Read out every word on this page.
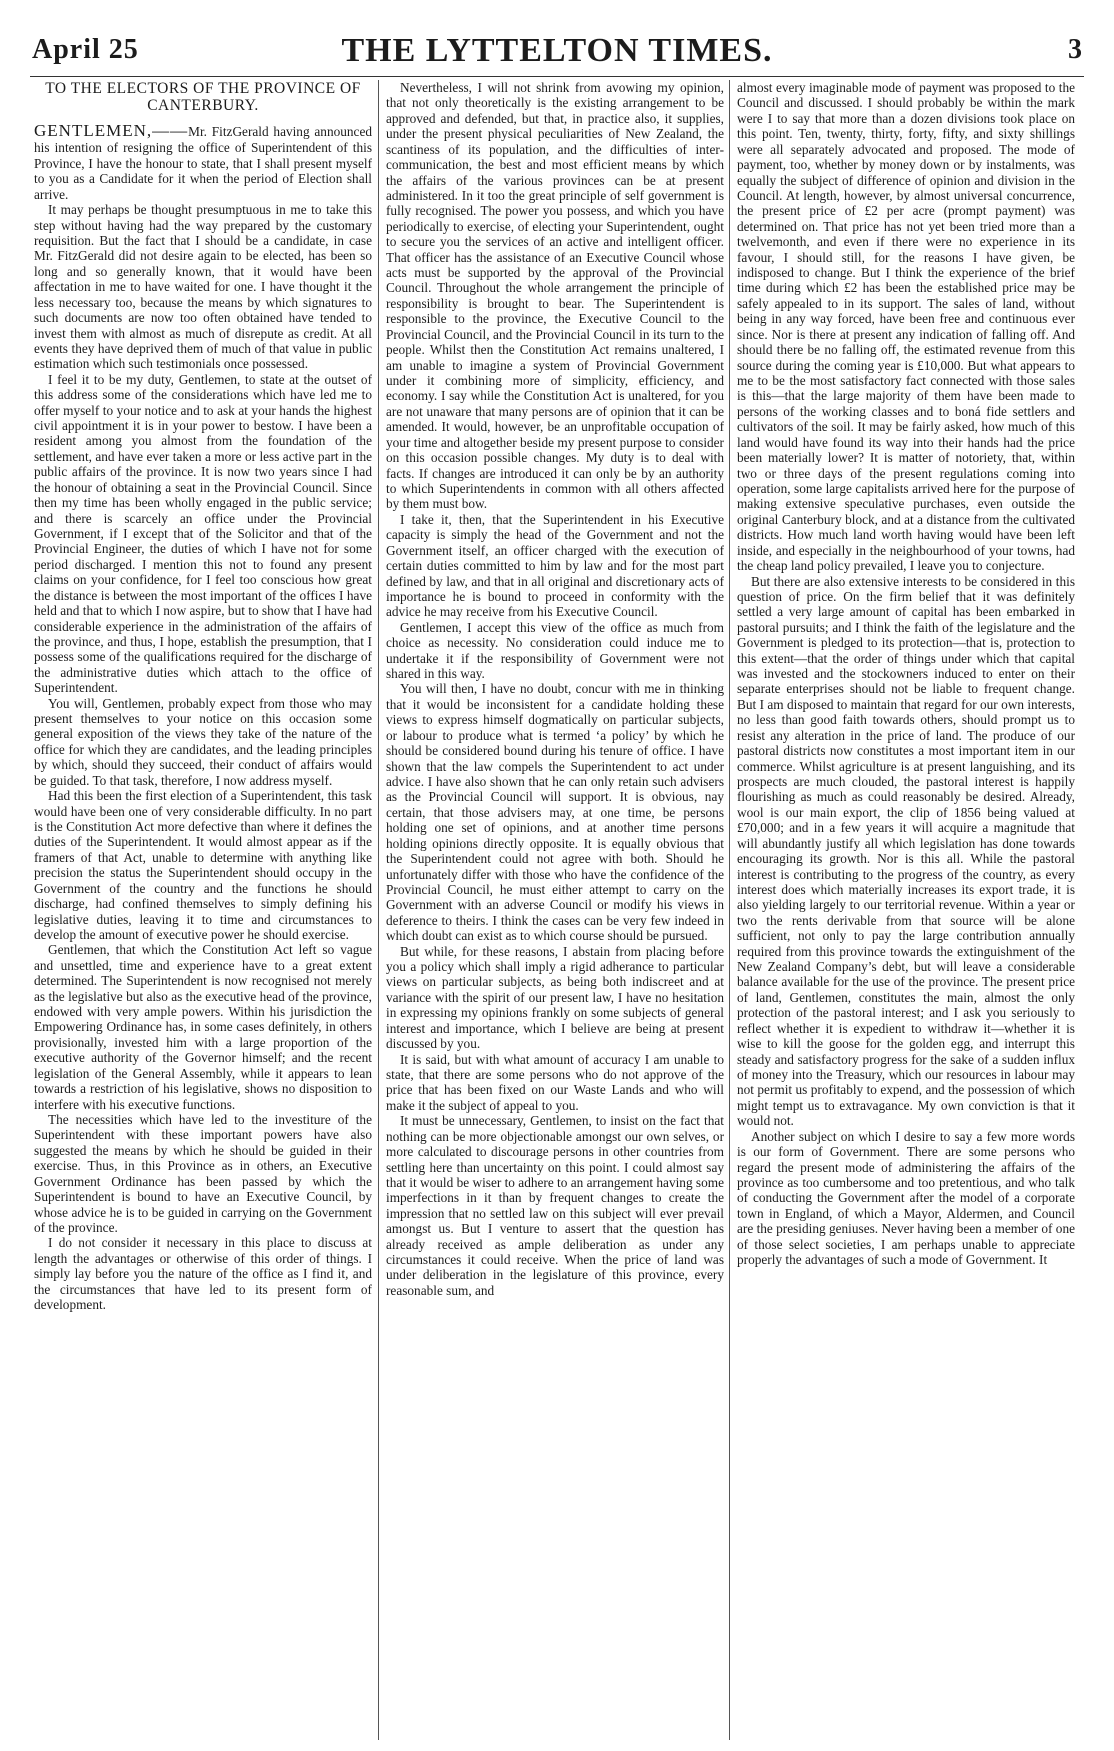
April 25	THE LYTTELTON TIMES.	3
TO THE ELECTORS OF THE PROVINCE OF CANTERBURY.

GENTLEMEN,——Mr. FitzGerald having announced his intention of resigning the office of Superintendent of this Province, I have the honour to state, that I shall present myself to you as a Candidate for it when the period of Election shall arrive.

It may perhaps be thought presumptuous in me to take this step without having had the way prepared by the customary requisition. But the fact that I should be a candidate, in case Mr. FitzGerald did not desire again to be elected, has been so long and so generally known, that it would have been affectation in me to have waited for one. I have thought it the less necessary too, because the means by which signatures to such documents are now too often obtained have tended to invest them with almost as much of disrepute as credit. At all events they have deprived them of much of that value in public estimation which such testimonials once possessed.

I feel it to be my duty, Gentlemen, to state at the outset of this address some of the considerations which have led me to offer myself to your notice and to ask at your hands the highest civil appointment it is in your power to bestow. I have been a resident among you almost from the foundation of the settlement, and have ever taken a more or less active part in the public affairs of the province. It is now two years since I had the honour of obtaining a seat in the Provincial Council. Since then my time has been wholly engaged in the public service; and there is scarcely an office under the Provincial Government, if I except that of the Solicitor and that of the Provincial Engineer, the duties of which I have not for some period discharged. I mention this not to found any present claims on your confidence, for I feel too conscious how great the distance is between the most important of the offices I have held and that to which I now aspire, but to show that I have had considerable experience in the administration of the affairs of the province, and thus, I hope, establish the presumption, that I possess some of the qualifications required for the discharge of the administrative duties which attach to the office of Superintendent.

You will, Gentlemen, probably expect from those who may present themselves to your notice on this occasion some general exposition of the views they take of the nature of the office for which they are candidates, and the leading principles by which, should they succeed, their conduct of affairs would be guided. To that task, therefore, I now address myself.

Had this been the first election of a Superintendent, this task would have been one of very considerable difficulty. In no part is the Constitution Act more defective than where it defines the duties of the Superintendent. It would almost appear as if the framers of that Act, unable to determine with anything like precision the status the Superintendent should occupy in the Government of the country and the functions he should discharge, had confined themselves to simply defining his legislative duties, leaving it to time and circumstances to develop the amount of executive power he should exercise.

Gentlemen, that which the Constitution Act left so vague and unsettled, time and experience have to a great extent determined. The Superintendent is now recognised not merely as the legislative but also as the executive head of the province, endowed with very ample powers. Within his jurisdiction the Empowering Ordinance has, in some cases definitely, in others provisionally, invested him with a large proportion of the executive authority of the Governor himself; and the recent legislation of the General Assembly, while it appears to lean towards a restriction of his legislative, shows no disposition to interfere with his executive functions.

The necessities which have led to the investiture of the Superintendent with these important powers have also suggested the means by which he should be guided in their exercise. Thus, in this Province as in others, an Executive Government Ordinance has been passed by which the Superintendent is bound to have an Executive Council, by whose advice he is to be guided in carrying on the Government of the province.

I do not consider it necessary in this place to discuss at length the advantages or otherwise of this order of things. I simply lay before you the nature of the office as I find it, and the circumstances that have led to its present form of development.

Nevertheless, I will not shrink from avowing my opinion, that not only theoretically is the existing arrangement to be approved and defended, but that, in practice also, it supplies, under the present physical peculiarities of New Zealand, the scantiness of its population, and the difficulties of inter-communication, the best and most efficient means by which the affairs of the various provinces can be at present administered. In it too the great principle of self government is fully recognised. The power you possess, and which you have periodically to exercise, of electing your Superintendent, ought to secure you the services of an active and intelligent officer. That officer has the assistance of an Executive Council whose acts must be supported by the approval of the Provincial Council. Throughout the whole arrangement the principle of responsibility is brought to bear. The Superintendent is responsible to the province, the Executive Council to the Provincial Council, and the Provincial Council in its turn to the people. Whilst then the Constitution Act remains unaltered, I am unable to imagine a system of Provincial Government under it combining more of simplicity, efficiency, and economy. I say while the Constitution Act is unaltered, for you are not unaware that many persons are of opinion that it can be amended. It would, however, be an unprofitable occupation of your time and altogether beside my present purpose to consider on this occasion possible changes. My duty is to deal with facts. If changes are introduced it can only be by an authority to which Superintendents in common with all others affected by them must bow.

I take it, then, that the Superintendent in his Executive capacity is simply the head of the Government and not the Government itself, an officer charged with the execution of certain duties committed to him by law and for the most part defined by law, and that in all original and discretionary acts of importance he is bound to proceed in conformity with the advice he may receive from his Executive Council.

Gentlemen, I accept this view of the office as much from choice as necessity. No consideration could induce me to undertake it if the responsibility of Government were not shared in this way.

You will then, I have no doubt, concur with me in thinking that it would be inconsistent for a candidate holding these views to express himself dogmatically on particular subjects, or labour to produce what is termed ‘a policy’ by which he should be considered bound during his tenure of office. I have shown that the law compels the Superintendent to act under advice. I have also shown that he can only retain such advisers as the Provincial Council will support. It is obvious, nay certain, that those advisers may, at one time, be persons holding one set of opinions, and at another time persons holding opinions directly opposite. It is equally obvious that the Superintendent could not agree with both. Should he unfortunately differ with those who have the confidence of the Provincial Council, he must either attempt to carry on the Government with an adverse Council or modify his views in deference to theirs. I think the cases can be very few indeed in which doubt can exist as to which course should be pursued.

But while, for these reasons, I abstain from placing before you a policy which shall imply a rigid adherance to particular views on particular subjects, as being both indiscreet and at variance with the spirit of our present law, I have no hesitation in expressing my opinions frankly on some subjects of general interest and importance, which I believe are being at present discussed by you.

It is said, but with what amount of accuracy I am unable to state, that there are some persons who do not approve of the price that has been fixed on our Waste Lands and who will make it the subject of appeal to you.

It must be unnecessary, Gentlemen, to insist on the fact that nothing can be more objectionable amongst our own selves, or more calculated to discourage persons in other countries from settling here than uncertainty on this point. I could almost say that it would be wiser to adhere to an arrangement having some imperfections in it than by frequent changes to create the impression that no settled law on this subject will ever prevail amongst us. But I venture to assert that the question has already received as ample deliberation as under any circumstances it could receive. When the price of land was under deliberation in the legislature of this province, every reasonable sum, and

almost every imaginable mode of payment was proposed to the Council and discussed. I should probably be within the mark were I to say that more than a dozen divisions took place on this point. Ten, twenty, thirty, forty, fifty, and sixty shillings were all separately advocated and proposed. The mode of payment, too, whether by money down or by instalments, was equally the subject of difference of opinion and division in the Council. At length, however, by almost universal concurrence, the present price of £2 per acre (prompt payment) was determined on. That price has not yet been tried more than a twelvemonth, and even if there were no experience in its favour, I should still, for the reasons I have given, be indisposed to change. But I think the experience of the brief time during which £2 has been the established price may be safely appealed to in its support. The sales of land, without being in any way forced, have been free and continuous ever since. Nor is there at present any indication of falling off. And should there be no falling off, the estimated revenue from this source during the coming year is £10,000. But what appears to me to be the most satisfactory fact connected with those sales is this—that the large majority of them have been made to persons of the working classes and to boná fide settlers and cultivators of the soil. It may be fairly asked, how much of this land would have found its way into their hands had the price been materially lower? It is matter of notoriety, that, within two or three days of the present regulations coming into operation, some large capitalists arrived here for the purpose of making extensive speculative purchases, even outside the original Canterbury block, and at a distance from the cultivated districts. How much land worth having would have been left inside, and especially in the neighbourhood of your towns, had the cheap land policy prevailed, I leave you to conjecture.

But there are also extensive interests to be considered in this question of price. On the firm belief that it was definitely settled a very large amount of capital has been embarked in pastoral pursuits; and I think the faith of the legislature and the Government is pledged to its protection—that is, protection to this extent—that the order of things under which that capital was invested and the stockowners induced to enter on their separate enterprises should not be liable to frequent change. But I am disposed to maintain that regard for our own interests, no less than good faith towards others, should prompt us to resist any alteration in the price of land. The produce of our pastoral districts now constitutes a most important item in our commerce. Whilst agriculture is at present languishing, and its prospects are much clouded, the pastoral interest is happily flourishing as much as could reasonably be desired. Already, wool is our main export, the clip of 1856 being valued at £70,000; and in a few years it will acquire a magnitude that will abundantly justify all which legislation has done towards encouraging its growth. Nor is this all. While the pastoral interest is contributing to the progress of the country, as every interest does which materially increases its export trade, it is also yielding largely to our territorial revenue. Within a year or two the rents derivable from that source will be alone sufficient, not only to pay the large contribution annually required from this province towards the extinguishment of the New Zealand Company’s debt, but will leave a considerable balance available for the use of the province. The present price of land, Gentlemen, constitutes the main, almost the only protection of the pastoral interest; and I ask you seriously to reflect whether it is expedient to withdraw it—whether it is wise to kill the goose for the golden egg, and interrupt this steady and satisfactory progress for the sake of a sudden influx of money into the Treasury, which our resources in labour may not permit us profitably to expend, and the possession of which might tempt us to extravagance. My own conviction is that it would not.

Another subject on which I desire to say a few more words is our form of Government. There are some persons who regard the present mode of administering the affairs of the province as too cumbersome and too pretentious, and who talk of conducting the Government after the model of a corporate town in England, of which a Mayor, Aldermen, and Council are the presiding geniuses. Never having been a member of one of those select societies, I am perhaps unable to appreciate properly the advantages of such a mode of Government. It
